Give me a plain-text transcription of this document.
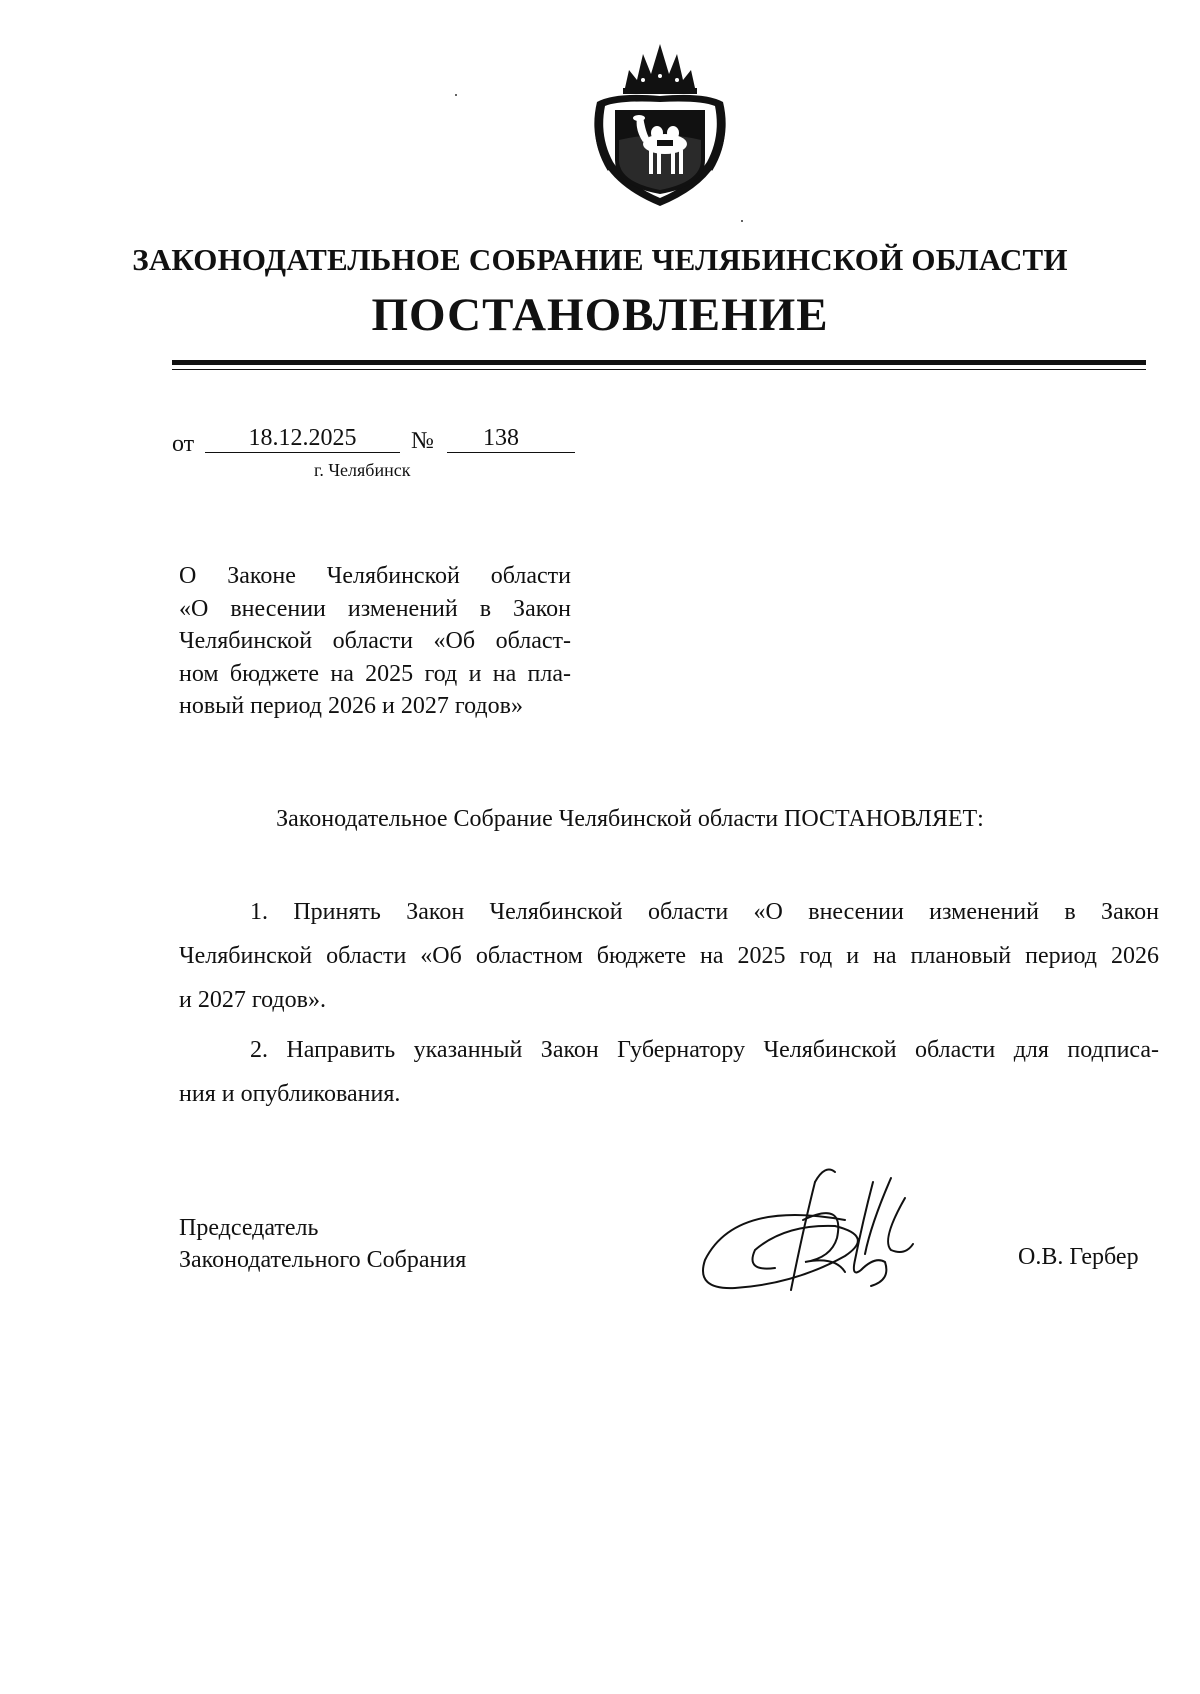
ЗАКОНОДАТЕЛЬНОЕ СОБРАНИЕ ЧЕЛЯБИНСКОЙ ОБЛАСТИ
ПОСТАНОВЛЕНИЕ
от	18.12.2025	№	138
г. Челябинск
О Законе Челябинской области
«О внесении изменений в Закон
Челябинской области «Об област-
ном бюджете на 2025 год и на пла-
новый период 2026 и 2027 годов»
Законодательное Собрание Челябинской области ПОСТАНОВЛЯЕТ:
1. Принять Закон Челябинской области «О внесении изменений в Закон
Челябинской области «Об областном бюджете на 2025 год и на плановый период 2026
и 2027 годов».
2. Направить указанный Закон Губернатору Челябинской области для подписа-
ния и опубликования.
Председатель
Законодательного Собрания	О.В. Гербер
